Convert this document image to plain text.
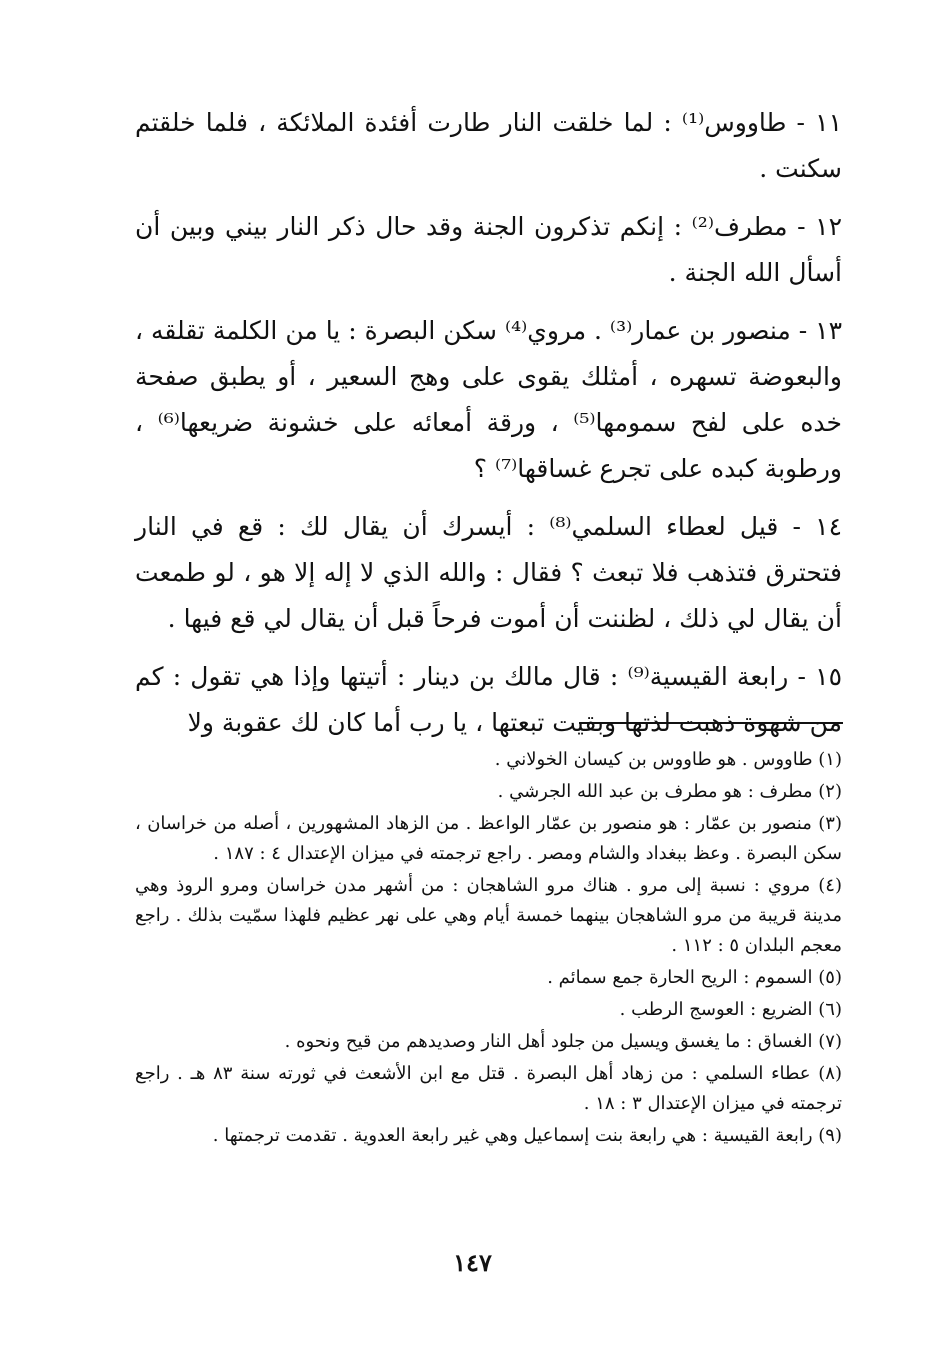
١١ - طاووس⁽¹⁾ : لما خلقت النار طارت أفئدة الملائكة ، فلما خلقتم سكنت .

١٢ - مطرف⁽²⁾ : إنكم تذكرون الجنة وقد حال ذكر النار بيني وبين أن أسأل الله الجنة .

١٣ - منصور بن عمار⁽³⁾ . مروي⁽⁴⁾ سكن البصرة : يا من الكلمة تقلقه ، والبعوضة تسهره ، أمثلك يقوى على وهج السعير ، أو يطبق صفحة خده على لفح سمومها⁽⁵⁾ ، ورقة أمعائه على خشونة ضريعها⁽⁶⁾ ، ورطوبة كبده على تجرع غساقها⁽⁷⁾ ؟

١٤ - قيل لعطاء السلمي⁽⁸⁾ : أيسرك أن يقال لك : قع في النار فتحترق فتذهب فلا تبعث ؟ فقال : والله الذي لا إله إلا هو ، لو طمعت أن يقال لي ذلك ، لظننت أن أموت فرحاً قبل أن يقال لي قع فيها .

١٥ - رابعة القيسية⁽⁹⁾ : قال مالك بن دينار : أتيتها وإذا هي تقول : كم من شهوة ذهبت لذتها وبقيت تبعتها ، يا رب أما كان لك عقوبة ولا

(١) طاووس . هو طاووس بن كيسان الخولاني .
(٢) مطرف : هو مطرف بن عبد الله الجرشي .
(٣) منصور بن عمّار : هو منصور بن عمّار الواعظ . من الزهاد المشهورين ، أصله من خراسان ، سكن البصرة . وعظ ببغداد والشام ومصر . راجع ترجمته في ميزان الإعتدال ٤ : ١٨٧ .
(٤) مروي : نسبة إلى مرو . هناك مرو الشاهجان : من أشهر مدن خراسان ومرو الروذ وهي مدينة قريبة من مرو الشاهجان بينهما خمسة أيام وهي على نهر عظيم فلهذا سمّيت بذلك . راجع معجم البلدان ٥ : ١١٢ .
(٥) السموم : الريح الحارة جمع سمائم .
(٦) الضريع : العوسج الرطب .
(٧) الغساق : ما يغسق ويسيل من جلود أهل النار وصديدهم من قيح ونحوه .
(٨) عطاء السلمي : من زهاد أهل البصرة . قتل مع ابن الأشعث في ثورته سنة ٨٣ هـ . راجع ترجمته في ميزان الإعتدال ٣ : ١٨ .
(٩) رابعة القيسية : هي رابعة بنت إسماعيل وهي غير رابعة العدوية . تقدمت ترجمتها .
١٤٧
